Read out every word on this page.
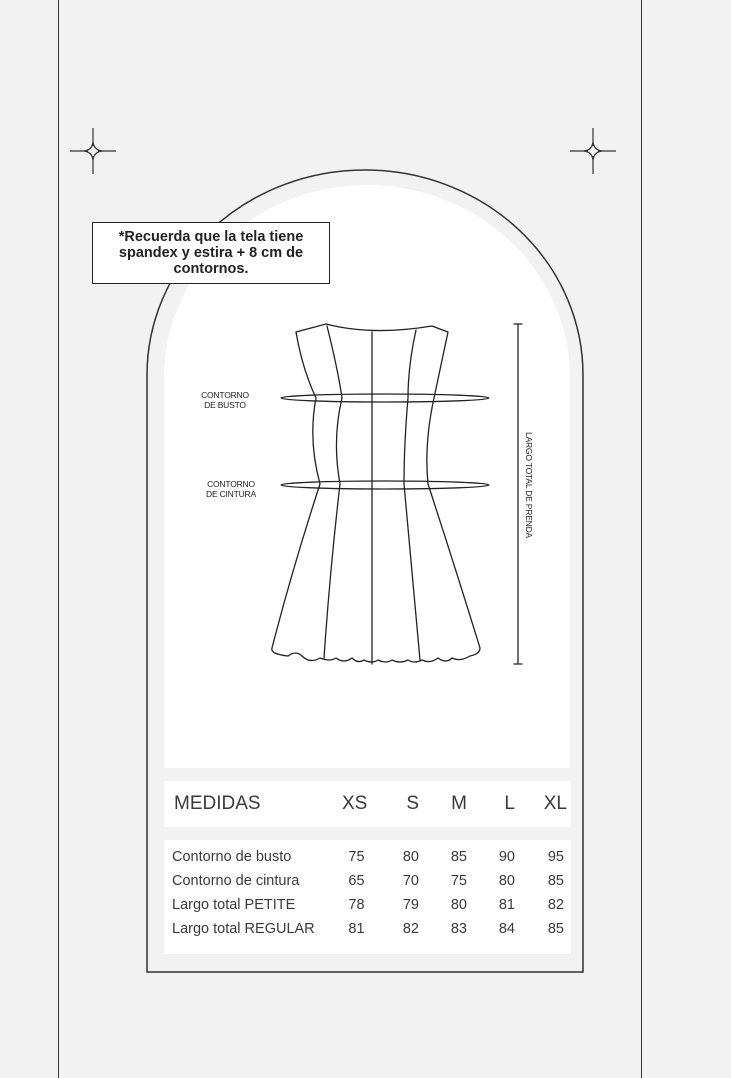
*Recuerda que la tela tiene
spandex y estira + 8 cm de
contornos.
CONTORNO
DE BUSTO
CONTORNO
DE CINTURA	LARGO TOTAL DE PRENDA
MEDIDAS	XS	S	M	L	XL
Contorno de busto	75	80	85	90	95
Contorno de cintura	65	70	75	80	85
Largo total PETITE	78	79	80	81	82
Largo total REGULAR	81	82	83	84	85
